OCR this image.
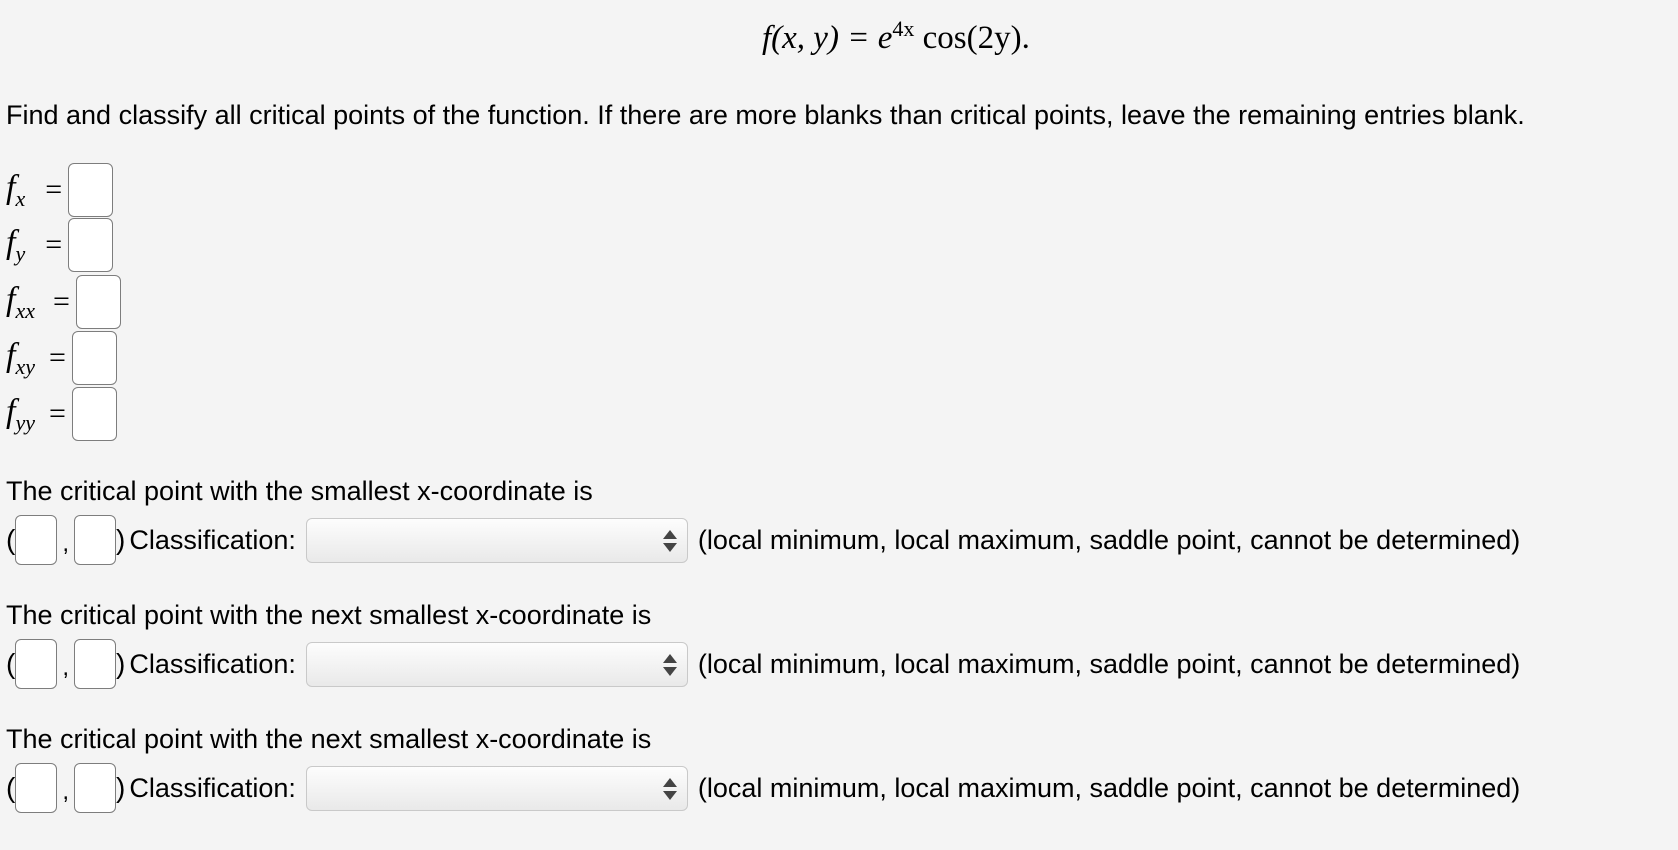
f(x, $y) = e^{4x}$ cos(2y).
Find and classify all critical points of the function. If there are more blanks than critical points, leave the remaining entries blank.
$f_x$ =
$f_y$ =
$f_{xx}$ =
$f_{xy}$ =
$f_{yy}$ =
The critical point with the smallest x-coordinate is
( , ) Classification:	(local minimum, local maximum, saddle point, cannot be determined)
The critical point with the next smallest x-coordinate is
( , ) Classification:	(local minimum, local maximum, saddle point, cannot be determined)
The critical point with the next smallest x-coordinate is
( , ) Classification:	(local minimum, local maximum, saddle point, cannot be determined)
